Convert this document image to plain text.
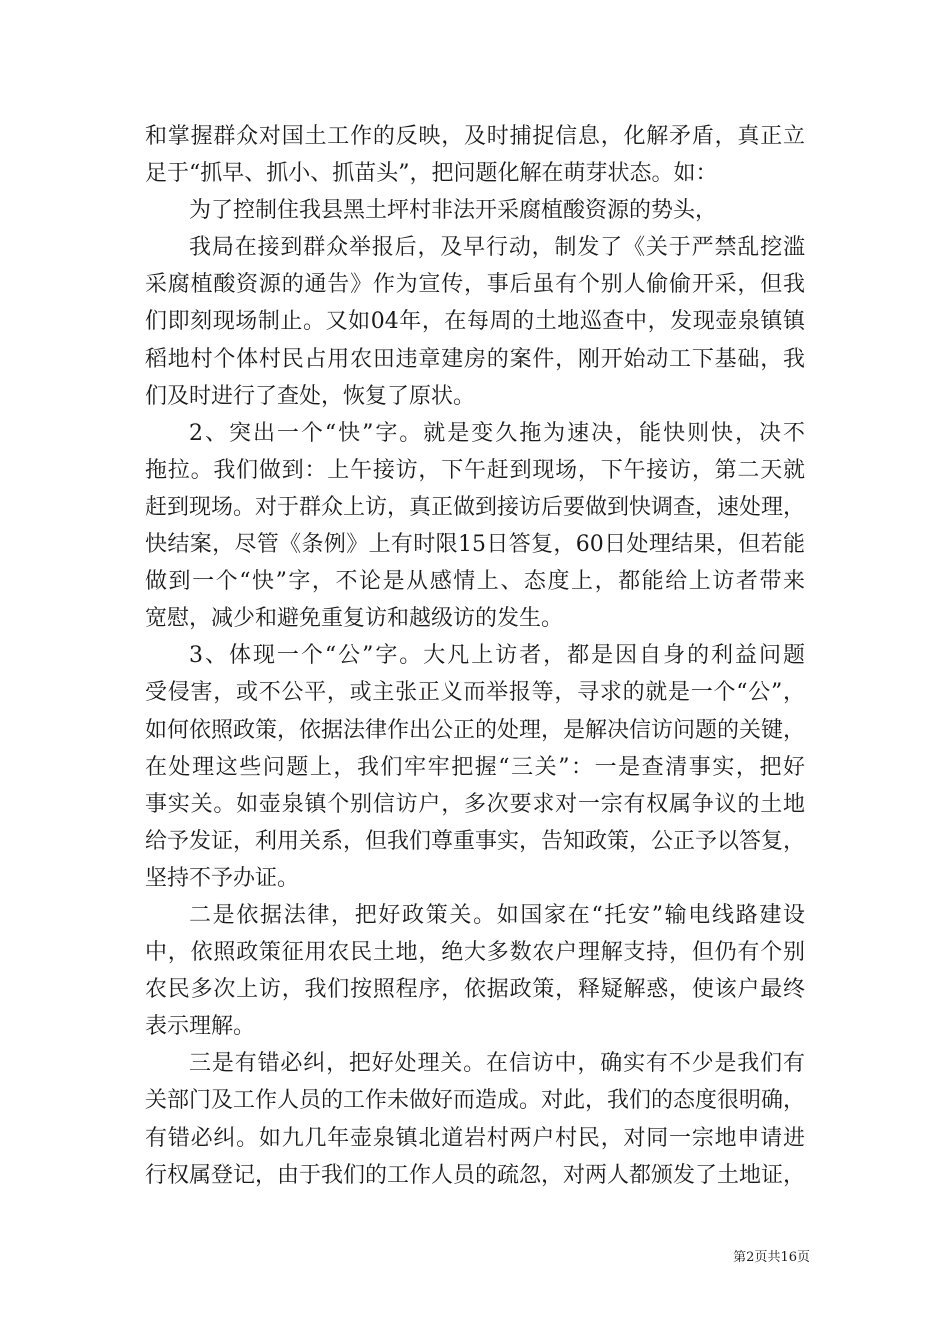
和掌握群众对国土工作的反映，及时捕捉信息，化解矛盾，真正立
足于“抓早、抓小、抓苗头”，把问题化解在萌芽状态。如：
为了控制住我县黑土坪村非法开采腐植酸资源的势头，
我局在接到群众举报后，及早行动，制发了《关于严禁乱挖滥
采腐植酸资源的通告》作为宣传，事后虽有个别人偷偷开采，但我
们即刻现场制止。又如04年，在每周的土地巡查中，发现壶泉镇镇
稻地村个体村民占用农田违章建房的案件，刚开始动工下基础，我
们及时进行了查处，恢复了原状。
2、突出一个“快”字。就是变久拖为速决，能快则快，决不
拖拉。我们做到：上午接访，下午赶到现场，下午接访，第二天就
赶到现场。对于群众上访，真正做到接访后要做到快调查，速处理，
快结案，尽管《条例》上有时限15日答复，60日处理结果，但若能
做到一个“快”字，不论是从感情上、态度上，都能给上访者带来
宽慰，减少和避免重复访和越级访的发生。
3、体现一个“公”字。大凡上访者，都是因自身的利益问题
受侵害，或不公平，或主张正义而举报等，寻求的就是一个“公”，
如何依照政策，依据法律作出公正的处理，是解决信访问题的关键，
在处理这些问题上，我们牢牢把握“三关”：一是查清事实，把好
事实关。如壶泉镇个别信访户，多次要求对一宗有权属争议的土地
给予发证，利用关系，但我们尊重事实，告知政策，公正予以答复，
坚持不予办证。
二是依据法律，把好政策关。如国家在“托安”输电线路建设
中，依照政策征用农民土地，绝大多数农户理解支持，但仍有个别
农民多次上访，我们按照程序，依据政策，释疑解惑，使该户最终
表示理解。
三是有错必纠，把好处理关。在信访中，确实有不少是我们有
关部门及工作人员的工作未做好而造成。对此，我们的态度很明确，
有错必纠。如九几年壶泉镇北道岩村两户村民，对同一宗地申请进
行权属登记，由于我们的工作人员的疏忽，对两人都颁发了土地证，
第2页共16页
